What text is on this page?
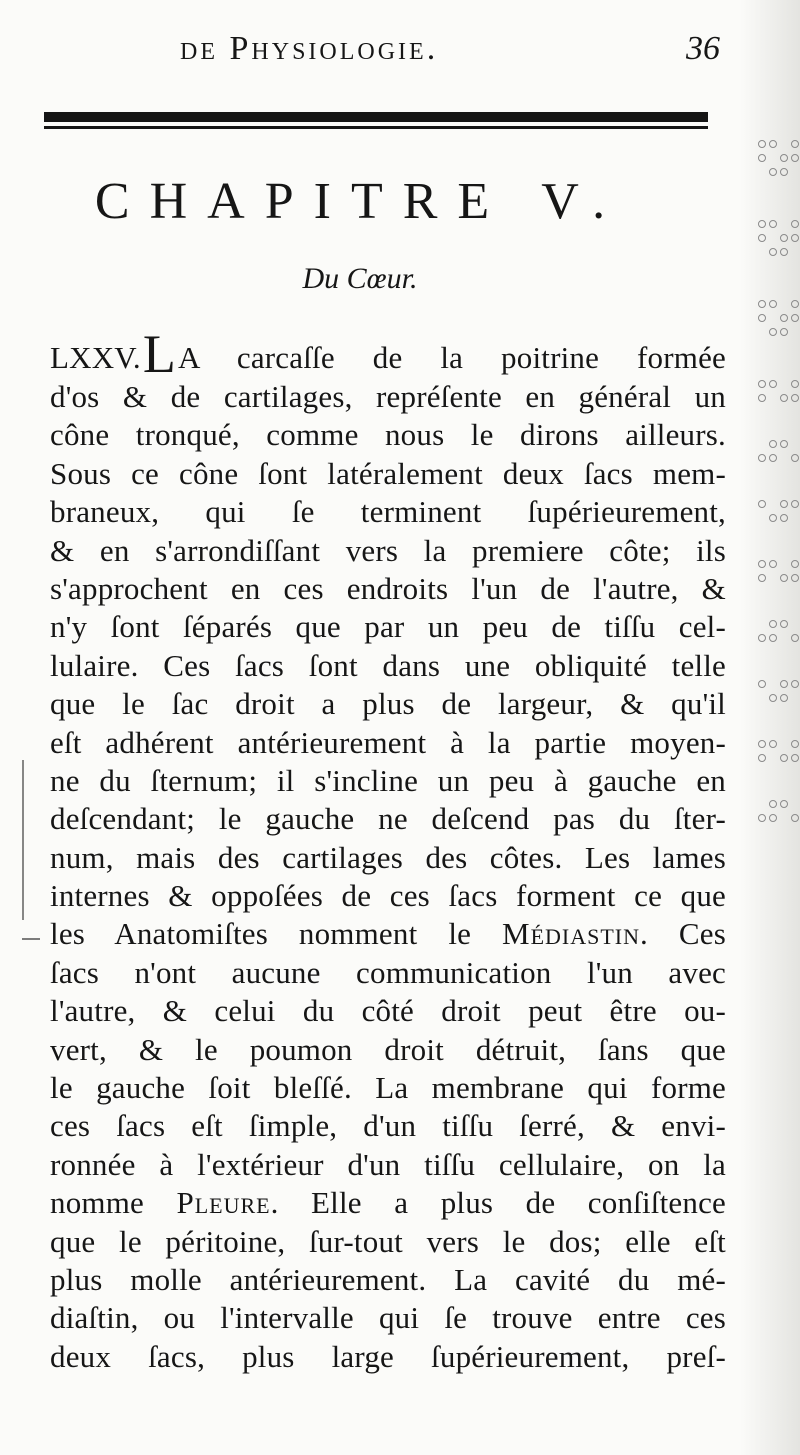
de Physiologie.	36
CHAPITRE V.
Du Cœur.
LXXV.LA carcaſſe de la poitrine formée
d'os & de cartilages, repréſente en général un
cône tronqué, comme nous le dirons ailleurs.
Sous ce cône ſont latéralement deux ſacs mem-
braneux, qui ſe terminent ſupérieurement,
& en s'arrondiſſant vers la premiere côte; ils
s'approchent en ces endroits l'un de l'autre, &
n'y ſont ſéparés que par un peu de tiſſu cel-
lulaire. Ces ſacs ſont dans une obliquité telle
que le ſac droit a plus de largeur, & qu'il
eſt adhérent antérieurement à la partie moyen-
ne du ſternum; il s'incline un peu à gauche en
deſcendant; le gauche ne deſcend pas du ſter-
num, mais des cartilages des côtes. Les lames
internes & oppoſées de ces ſacs forment ce que
les Anatomiſtes nomment le Médiastin. Ces
ſacs n'ont aucune communication l'un avec
l'autre, & celui du côté droit peut être ou-
vert, & le poumon droit détruit, ſans que
le gauche ſoit bleſſé. La membrane qui forme
ces ſacs eſt ſimple, d'un tiſſu ſerré, & envi-
ronnée à l'extérieur d'un tiſſu cellulaire, on la
nomme Pleure. Elle a plus de conſiſtence
que le péritoine, ſur-tout vers le dos; elle eſt
plus molle antérieurement. La cavité du mé-
diaſtin, ou l'intervalle qui ſe trouve entre ces
deux ſacs, plus large ſupérieurement, preſ-
